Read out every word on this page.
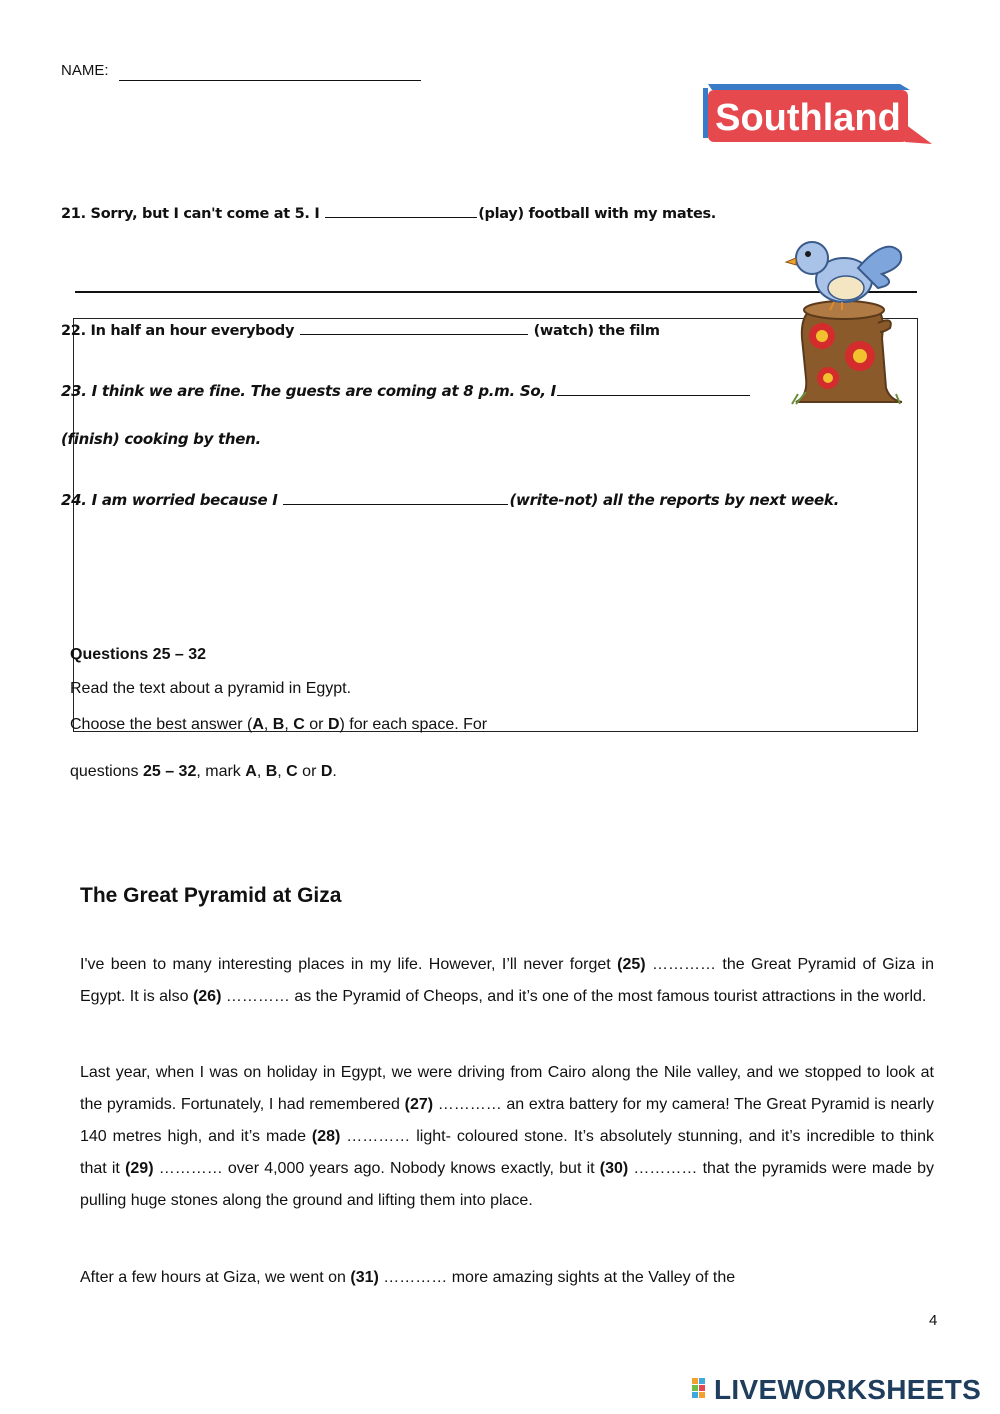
NAME:
Southland
21. Sorry, but I can't come at 5. I	(play) football with my mates.
22. In half an hour everybody	(watch) the film
23. I think we are fine. The guests are coming at 8 p.m. So, I
(finish) cooking by then.
24. I am worried because I	(write-not) all the reports by next week.
Questions 25 – 32
Read the text about a pyramid in Egypt.
Choose the best answer (A, B, C or D) for each space. For
questions 25 – 32, mark A, B, C or D.
The Great Pyramid at Giza
I've been to many interesting places in my life. However, I’ll never forget (25) ………… the Great Pyramid of Giza in Egypt. It is also (26) ………… as the Pyramid of Cheops, and it’s one of the most famous tourist attractions in the world.
Last year, when I was on holiday in Egypt, we were driving from Cairo along the Nile valley, and we stopped to look at the pyramids. Fortunately, I had remembered (27) ………… an extra battery for my camera! The Great Pyramid is nearly 140 metres high, and it’s made (28) ………… light- coloured stone. It’s absolutely stunning, and it’s incredible to think that it (29) ………… over 4,000 years ago. Nobody knows exactly, but it (30) ………… that the pyramids were made by pulling huge stones along the ground and lifting them into place.
After a few hours at Giza, we went on (31) ………… more amazing sights at the Valley of the
4
LIVEWORKSHEETS
